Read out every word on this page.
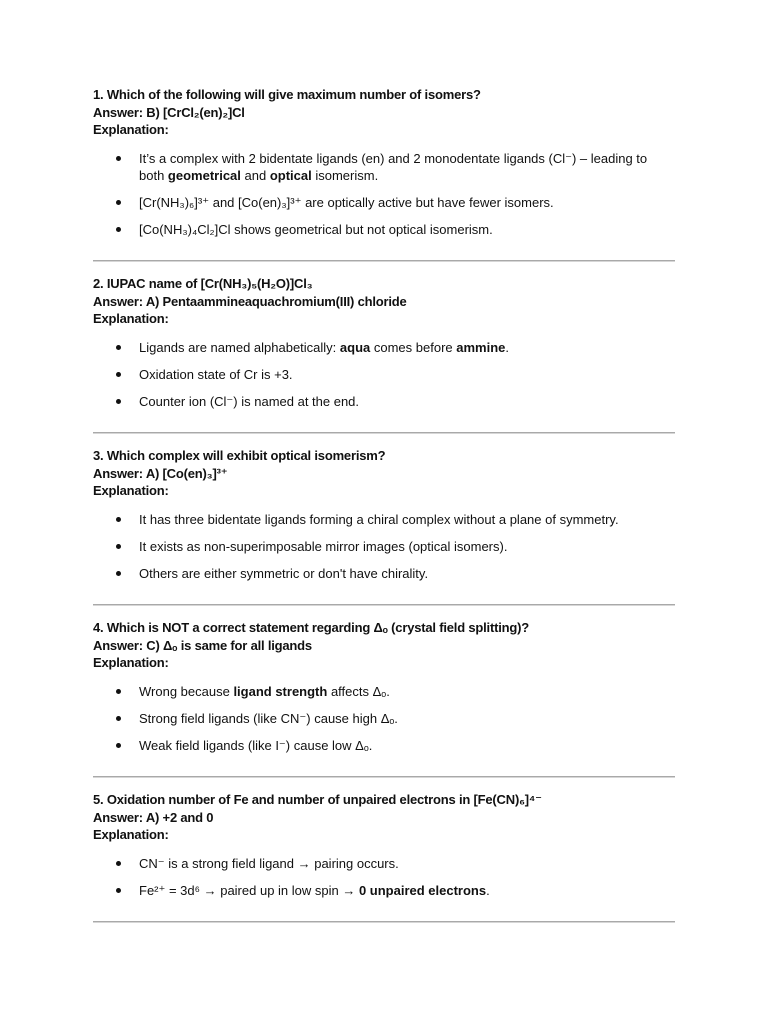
1. Which of the following will give maximum number of isomers?
Answer: B) [CrCl₂(en)₂]Cl
Explanation:
It’s a complex with 2 bidentate ligands (en) and 2 monodentate ligands (Cl⁻) – leading to both geometrical and optical isomerism.
[Cr(NH₃)₆]³⁺ and [Co(en)₃]³⁺ are optically active but have fewer isomers.
[Co(NH₃)₄Cl₂]Cl shows geometrical but not optical isomerism.
2. IUPAC name of [Cr(NH₃)₅(H₂O)]Cl₃
Answer: A) Pentaammineaquachromium(III) chloride
Explanation:
Ligands are named alphabetically: aqua comes before ammine.
Oxidation state of Cr is +3.
Counter ion (Cl⁻) is named at the end.
3. Which complex will exhibit optical isomerism?
Answer: A) [Co(en)₃]³⁺
Explanation:
It has three bidentate ligands forming a chiral complex without a plane of symmetry.
It exists as non-superimposable mirror images (optical isomers).
Others are either symmetric or don't have chirality.
4. Which is NOT a correct statement regarding Δₒ (crystal field splitting)?
Answer: C) Δₒ is same for all ligands
Explanation:
Wrong because ligand strength affects Δₒ.
Strong field ligands (like CN⁻) cause high Δₒ.
Weak field ligands (like I⁻) cause low Δₒ.
5. Oxidation number of Fe and number of unpaired electrons in [Fe(CN)₆]⁴⁻
Answer: A) +2 and 0
Explanation:
CN⁻ is a strong field ligand → pairing occurs.
Fe²⁺ = 3d⁶ → paired up in low spin → 0 unpaired electrons.
